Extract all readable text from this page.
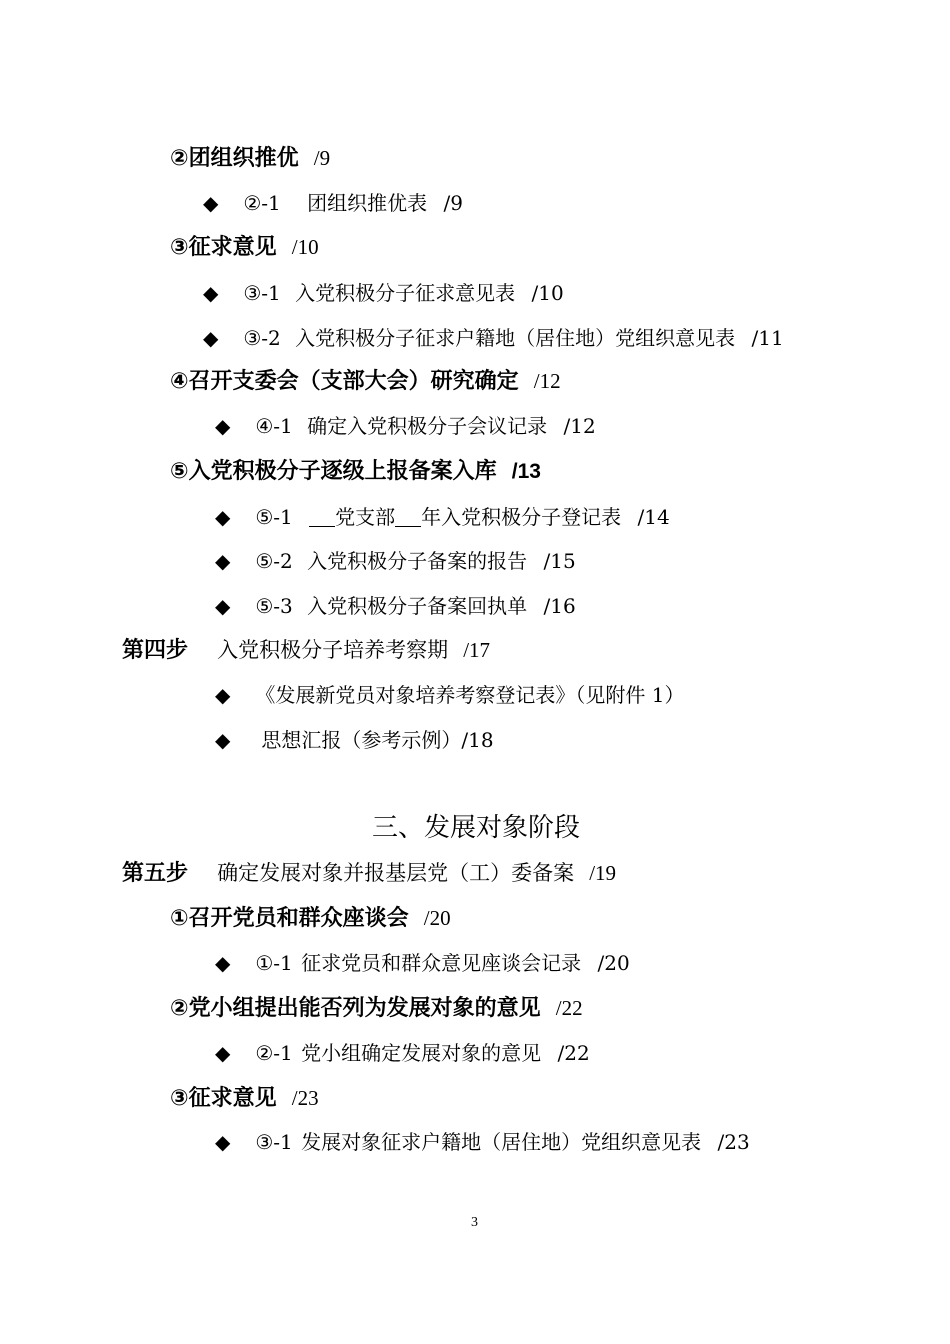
②团组织推优 /9
◆ ②-1 团组织推优表 /9
③征求意见 /10
◆ ③-1 入党积极分子征求意见表 /10
◆ ③-2 入党积极分子征求户籍地（居住地）党组织意见表 /11
④召开支委会（支部大会）研究确定 /12
◆ ④-1 确定入党积极分子会议记录 /12
⑤入党积极分子逐级上报备案入库 /13
◆ ⑤-1 党支部 年入党积极分子登记表 /14
◆ ⑤-2 入党积极分子备案的报告 /15
◆ ⑤-3 入党积极分子备案回执单 /16
第四步 入党积极分子培养考察期 /17
◆ 《发展新党员对象培养考察登记表》（见附件 1）
◆ 思想汇报（参考示例）/18
三、发展对象阶段
第五步 确定发展对象并报基层党（工）委备案 /19
①召开党员和群众座谈会 /20
◆ ①-1 征求党员和群众意见座谈会记录 /20
②党小组提出能否列为发展对象的意见 /22
◆ ②-1 党小组确定发展对象的意见 /22
③征求意见 /23
◆ ③-1 发展对象征求户籍地（居住地）党组织意见表 /23
3
